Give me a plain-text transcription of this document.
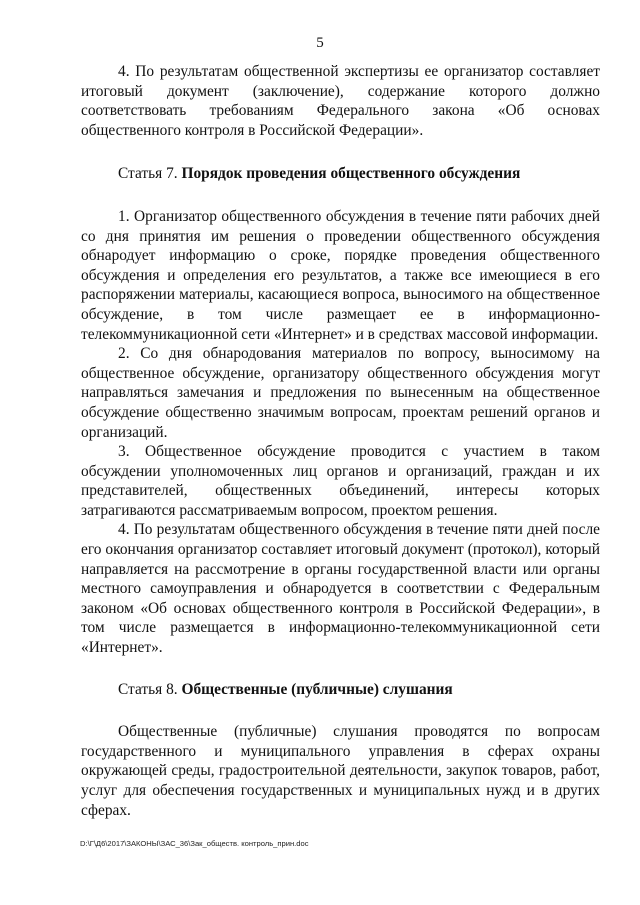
5

4. По результатам общественной экспертизы ее организатор составляет итоговый документ (заключение), содержание которого должно соответствовать требованиям Федерального закона «Об основах общественного контроля в Российской Федерации».

Статья 7. Порядок проведения общественного обсуждения

1. Организатор общественного обсуждения в течение пяти рабочих дней со дня принятия им решения о проведении общественного обсуждения обнародует информацию о сроке, порядке проведения общественного обсуждения и определения его результатов, а также все имеющиеся в его распоряжении материалы, касающиеся вопроса, выносимого на общественное обсуждение, в том числе размещает ее в информационно-телекоммуникационной сети «Интернет» и в средствах массовой информации.

2. Со дня обнародования материалов по вопросу, выносимому на общественное обсуждение, организатору общественного обсуждения могут направляться замечания и предложения по вынесенным на общественное обсуждение общественно значимым вопросам, проектам решений органов и организаций.

3. Общественное обсуждение проводится с участием в таком обсуждении уполномоченных лиц органов и организаций, граждан и их представителей, общественных объединений, интересы которых затрагиваются рассматриваемым вопросом, проектом решения.

4. По результатам общественного обсуждения в течение пяти дней после его окончания организатор составляет итоговый документ (протокол), который направляется на рассмотрение в органы государственной власти или органы местного самоуправления и обнародуется в соответствии с Федеральным законом «Об основах общественного контроля в Российской Федерации», в том числе размещается в информационно-телекоммуникационной сети «Интернет».

Статья 8. Общественные (публичные) слушания

Общественные (публичные) слушания проводятся по вопросам государственного и муниципального управления в сферах охраны окружающей среды, градостроительной деятельности, закупок товаров, работ, услуг для обеспечения государственных и муниципальных нужд и в других сферах.

D:\Г\Д6\2017\ЗАКОНЫ\ЗАС_36\Зак_обществ. контроль_прин.doc
